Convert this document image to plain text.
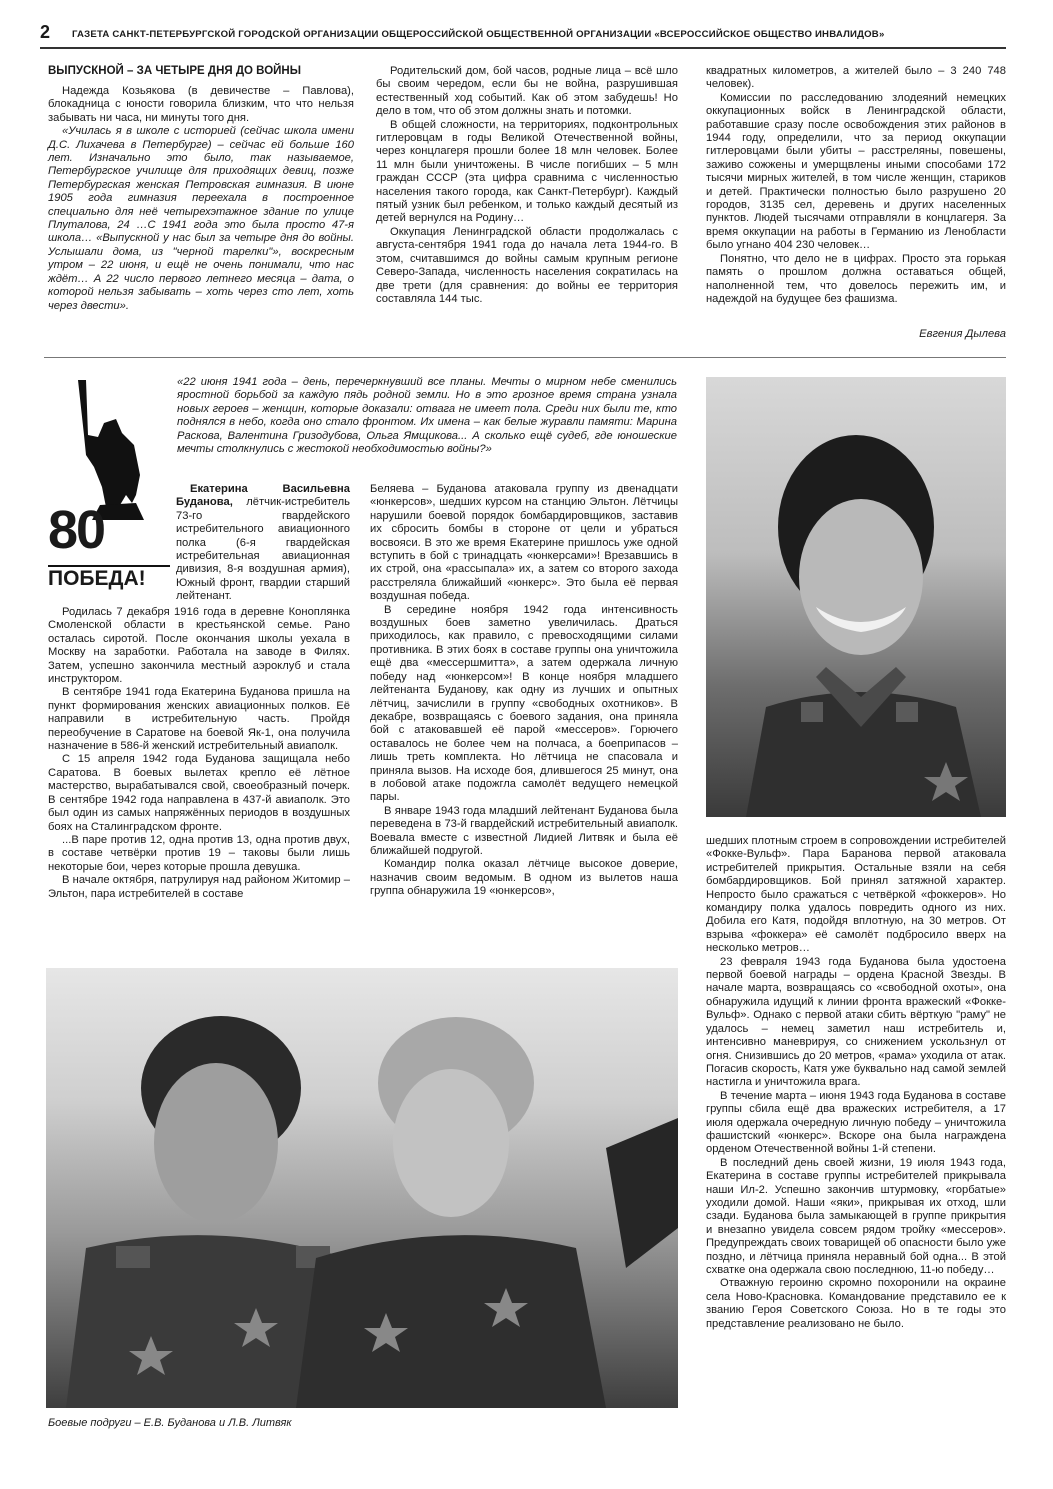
2 ГАЗЕТА САНКТ-ПЕТЕРБУРГСКОЙ ГОРОДСКОЙ ОРГАНИЗАЦИИ ОБЩЕРОССИЙСКОЙ ОБЩЕСТВЕННОЙ ОРГАНИЗАЦИИ «ВСЕРОССИЙСКОЕ ОБЩЕСТВО ИНВАЛИДОВ»
ВЫПУСКНОЙ – ЗА ЧЕТЫРЕ ДНЯ ДО ВОЙНЫ

Надежда Козьякова (в девичестве – Павлова), блокадница с юности говорила близким, что что нельзя забывать ни часа, ни минуты того дня.

«Училась я в школе с историей (сейчас школа имени Д.С. Лихачева в Петербурге) – сейчас ей больше 160 лет. Изначально это было, так называемое, Петербургское училище для приходящих девиц, позже Петербургская женская Петровская гимназия. В июне 1905 года гимназия переехала в построенное специально для неё четырехэтажное здание по улице Плуталова, 24 …С 1941 года это была просто 47-я школа… «Выпускной у нас был за четыре дня до войны. Услышали дома, из "черной тарелки"», воскресным утром – 22 июня, и ещё не очень понимали, что нас ждёт… А 22 число первого летнего месяца – дата, о которой нельзя забывать – хоть через сто лет, хоть через двести».

Родительский дом, бой часов, родные лица – всё шло бы своим чередом, если бы не война, разрушившая естественный ход событий. Как об этом забудешь! Но дело в том, что об этом должны знать и потомки.

В общей сложности, на территориях, подконтрольных гитлеровцам в годы Великой Отечественной войны, через концлагеря прошли более 18 млн человек. Более 11 млн были уничтожены. В числе погибших – 5 млн граждан СССР (эта цифра сравнима с численностью населения такого города, как Санкт-Петербург). Каждый пятый узник был ребенком, и только каждый десятый из детей вернулся на Родину…

Оккупация Ленинградской области продолжалась с августа-сентября 1941 года до начала лета 1944-го. В этом, считавшимся до войны самым крупным регионе Северо-Запада, численность населения сократилась на две трети (для сравнения: до войны ее территория составляла 144 тыс.

квадратных километров, а жителей было – 3 240 748 человек).

Комиссии по расследованию злодеяний немецких оккупационных войск в Ленинградской области, работавшие сразу после освобождения этих районов в 1944 году, определили, что за период оккупации гитлеровцами были убиты – расстреляны, повешены, заживо сожжены и умерщвлены иными способами 172 тысячи мирных жителей, в том числе женщин, стариков и детей. Практически полностью было разрушено 20 городов, 3135 сел, деревень и других населенных пунктов. Людей тысячами отправляли в концлагеря. За время оккупации на работы в Германию из Ленобласти было угнано 404 230 человек…

Понятно, что дело не в цифрах. Просто эта горькая память о прошлом должна оставаться общей, наполненной тем, что довелось пережить им, и надеждой на будущее без фашизма.

Евгения Дылева
80
ПОБЕДА!

«22 июня 1941 года – день, перечеркнувший все планы. Мечты о мирном небе сменились яростной борьбой за каждую пядь родной земли. Но в это грозное время страна узнала новых героев – женщин, которые доказали: отвага не имеет пола. Среди них были те, кто поднялся в небо, когда оно стало фронтом. Их имена – как белые журавли памяти: Марина Раскова, Валентина Гризодубова, Ольга Ямщикова... А сколько ещё судеб, где юношеские мечты столкнулись с жестокой необходимостью войны?»

Екатерина Васильевна Буданова, лётчик-истребитель 73-го гвардейского истребительного авиационного полка (6-я гвардейская истребительная авиационная дивизия, 8-я воздушная армия), Южный фронт, гвардии старший лейтенант.

Родилась 7 декабря 1916 года в деревне Коноплянка Смоленской области в крестьянской семье. Рано осталась сиротой. После окончания школы уехала в Москву на заработки. Работала на заводе в Филях. Затем, успешно закончила местный аэроклуб и стала инструктором.

В сентябре 1941 года Екатерина Буданова пришла на пункт формирования женских авиационных полков. Её направили в истребительную часть. Пройдя переобучение в Саратове на боевой Як-1, она получила назначение в 586-й женский истребительный авиаполк.

С 15 апреля 1942 года Буданова защищала небо Саратова. В боевых вылетах крепло её лётное мастерство, вырабатывался свой, своеобразный почерк. В сентябре 1942 года направлена в 437-й авиаполк. Это был один из самых напряжённых периодов в воздушных боях на Сталинградском фронте.

...В паре против 12, одна против 13, одна против двух, в составе четвёрки против 19 – таковы были лишь некоторые бои, через которые прошла девушка.

В начале октября, патрулируя над районом Житомир – Эльтон, пара истребителей в составе

Беляева – Буданова атаковала группу из двенадцати «юнкерсов», шедших курсом на станцию Эльтон. Лётчицы нарушили боевой порядок бомбардировщиков, заставив их сбросить бомбы в стороне от цели и убраться восвояси. В это же время Екатерине пришлось уже одной вступить в бой с тринадцать «юнкерсами»! Врезавшись в их строй, она «рассыпала» их, а затем со второго захода расстреляла ближайший «юнкерс». Это была её первая воздушная победа.

В середине ноября 1942 года интенсивность воздушных боев заметно увеличилась. Драться приходилось, как правило, с превосходящими силами противника. В этих боях в составе группы она уничтожила ещё два «мессершмитта», а затем одержала личную победу над «юнкерсом»! В конце ноября младшего лейтенанта Буданову, как одну из лучших и опытных лётчиц, зачислили в группу «свободных охотников». В декабре, возвращаясь с боевого задания, она приняла бой с атаковавшей её парой «мессеров». Горючего оставалось не более чем на полчаса, а боеприпасов – лишь треть комплекта. Но лётчица не спасовала и приняла вызов. На исходе боя, длившегося 25 минут, она в лобовой атаке подожгла самолёт ведущего немецкой пары.

В январе 1943 года младший лейтенант Буданова была переведена в 73-й гвардейский истребительный авиаполк. Воевала вместе с известной Лидией Литвяк и была её ближайшей подругой.

Командир полка оказал лётчице высокое доверие, назначив своим ведомым. В одном из вылетов наша группа обнаружила 19 «юнкерсов»,

шедших плотным строем в сопровождении истребителей «Фокке-Вульф». Пара Баранова первой атаковала истребителей прикрытия. Остальные взяли на себя бомбардировщиков. Бой принял затяжной характер. Непросто было сражаться с четвёркой «фоккеров». Но командиру полка удалось повредить одного из них. Добила его Катя, подойдя вплотную, на 30 метров. От взрыва «фоккера» её самолёт подбросило вверх на несколько метров…

23 февраля 1943 года Буданова была удостоена первой боевой награды – ордена Красной Звезды. В начале марта, возвращаясь со «свободной охоты», она обнаружила идущий к линии фронта вражеский «Фокке-Вульф». Однако с первой атаки сбить вёрткую "раму" не удалось – немец заметил наш истребитель и, интенсивно маневрируя, со снижением ускользнул от огня. Снизившись до 20 метров, «рама» уходила от атак. Погасив скорость, Катя уже буквально над самой землей настигла и уничтожила врага.

В течение марта – июня 1943 года Буданова в составе группы сбила ещё два вражеских истребителя, а 17 июля одержала очередную личную победу – уничтожила фашистский «юнкерс». Вскоре она была награждена орденом Отечественной войны 1-й степени.

В последний день своей жизни, 19 июля 1943 года, Екатерина в составе группы истребителей прикрывала наши Ил-2. Успешно закончив штурмовку, «горбатые» уходили домой. Наши «яки», прикрывая их отход, шли сзади. Буданова была замыкающей в группе прикрытия и внезапно увидела совсем рядом тройку «мессеров». Предупреждать своих товарищей об опасности было уже поздно, и лётчица приняла неравный бой одна... В этой схватке она одержала свою последнюю, 11-ю победу…

Отважную героиню скромно похоронили на окраине села Ново-Красновка. Командование представило ее к званию Героя Советского Союза. Но в те годы это представление реализовано не было.

Боевые подруги – Е.В. Буданова и Л.В. Литвяк
